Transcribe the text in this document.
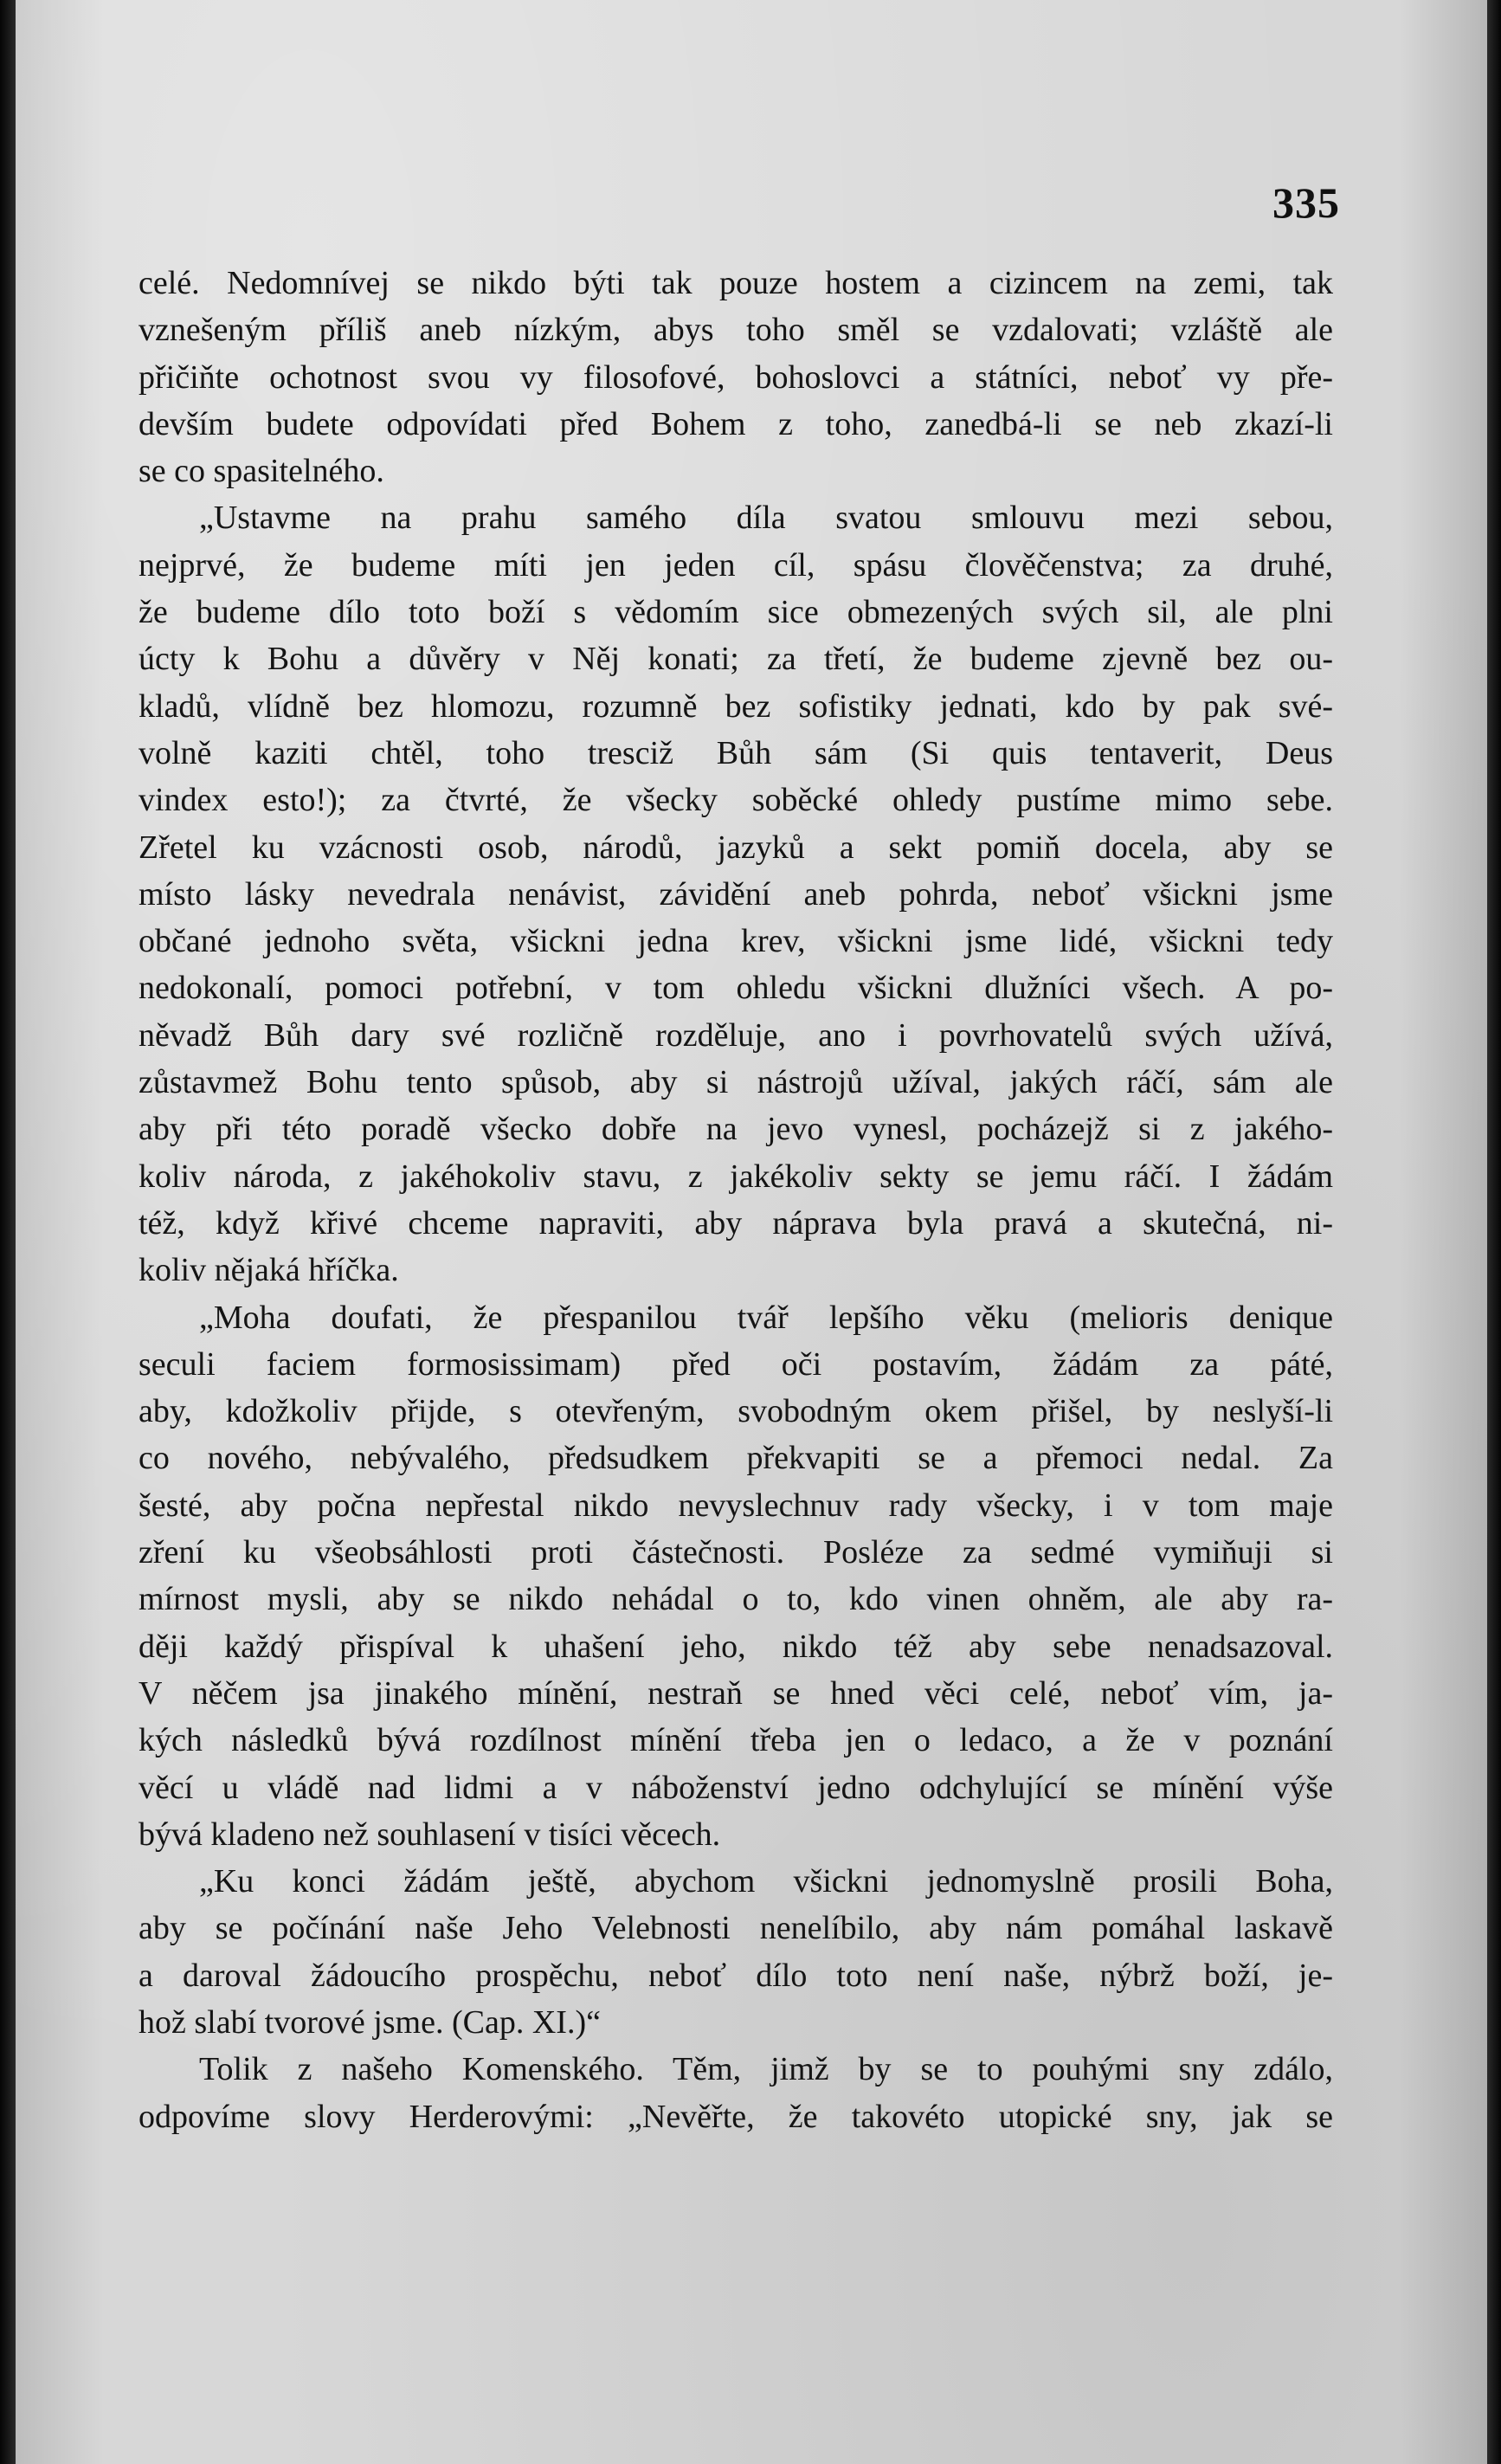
335
celé. Nedomnívej se nikdo býti tak pouze hostem a cizincem na zemi, tak
vznešeným příliš aneb nízkým, abys toho směl se vzdalovati; vzláště ale
přičiňte ochotnost svou vy filosofové, bohoslovci a státníci, neboť vy pře-
devším budete odpovídati před Bohem z toho, zanedbá-li se neb zkazí-li
se co spasitelného.
„Ustavme na prahu samého díla svatou smlouvu mezi sebou,
nejprvé, že budeme míti jen jeden cíl, spásu člověčenstva; za druhé,
že budeme dílo toto boží s vědomím sice obmezených svých sil, ale plni
úcty k Bohu a důvěry v Něj konati; za třetí, že budeme zjevně bez ou-
kladů, vlídně bez hlomozu, rozumně bez sofistiky jednati, kdo by pak své-
volně kaziti chtěl, toho tresciž Bůh sám (Si quis tentaverit, Deus
vindex esto!); za čtvrté, že všecky soběcké ohledy pustíme mimo sebe.
Zřetel ku vzácnosti osob, národů, jazyků a sekt pomiň docela, aby se
místo lásky nevedrala nenávist, závidění aneb pohrda, neboť všickni jsme
občané jednoho světa, všickni jedna krev, všickni jsme lidé, všickni tedy
nedokonalí, pomoci potřební, v tom ohledu všickni dlužníci všech. A po-
něvadž Bůh dary své rozličně rozděluje, ano i povrhovatelů svých užívá,
zůstavmež Bohu tento spůsob, aby si nástrojů užíval, jakých ráčí, sám ale
aby při této poradě všecko dobře na jevo vynesl, pocházejž si z jakého-
koliv národa, z jakéhokoliv stavu, z jakékoliv sekty se jemu ráčí. I žádám
též, když křivé chceme napraviti, aby náprava byla pravá a skutečná, ni-
koliv nějaká hříčka.
„Moha doufati, že přespanilou tvář lepšího věku (melioris denique
seculi faciem formosissimam) před oči postavím, žádám za páté,
aby, kdožkoliv přijde, s otevřeným, svobodným okem přišel, by neslyší-li
co nového, nebývalého, předsudkem překvapiti se a přemoci nedal. Za
šesté, aby počna nepřestal nikdo nevyslechnuv rady všecky, i v tom maje
zření ku všeobsáhlosti proti částečnosti. Posléze za sedmé vymiňuji si
mírnost mysli, aby se nikdo nehádal o to, kdo vinen ohněm, ale aby ra-
ději každý přispíval k uhašení jeho, nikdo též aby sebe nenadsazoval.
V něčem jsa jinakého mínění, nestraň se hned věci celé, neboť vím, ja-
kých následků bývá rozdílnost mínění třeba jen o ledaco, a že v poznání
věcí u vládě nad lidmi a v náboženství jedno odchylující se mínění výše
bývá kladeno než souhlasení v tisíci věcech.
„Ku konci žádám ještě, abychom všickni jednomyslně prosili Boha,
aby se počínání naše Jeho Velebnosti nenelíbilo, aby nám pomáhal laskavě
a daroval žádoucího prospěchu, neboť dílo toto není naše, nýbrž boží, je-
hož slabí tvorové jsme. (Cap. XI.)“
Tolik z našeho Komenského. Těm, jimž by se to pouhými sny zdálo,
odpovíme slovy Herderovými: „Nevěřte, že takovéto utopické sny, jak se
